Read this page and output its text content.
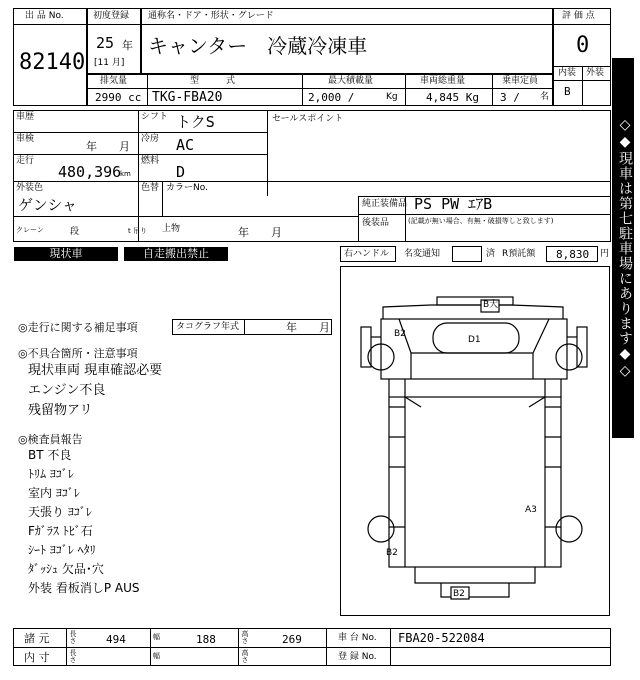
出 品 No.
82140
初度登録
25 年
[11 月]
通称名・ドア・形状・グレード
キャンター　冷蔵冷凍車
評 価 点
0
内装 外装
B
排気量
2990 cc
型　　　式
TKG-FBA20
最大積載量
2,000 /	Kg
車両総重量
4,845 Kg
乗車定員
3 / 名
車歴	シフト トクS	セールスポイント
車検
年　　月
冷房 AC
走行
480,396
km
燃料
D
外装色
ゲンシャ
色替 カラーNo.
純正装備品 PS PW ｴｱB
後装品	(記載が無い場合、有無・破損等しと致します)
クレーン	段	t 吊り 上物	年　　月
現状車	自走搬出禁止	右ハンドル 名変通知	済 R預託額 8,830 円
◎走行に関する補足事項	タコグラフ年式	年　　月
◎不具合箇所・注意事項
現状車両 現車確認必要
エンジン不良
残留物アリ
◎検査員報告
BT 不良
ﾄﾘﾑ ﾖｺﾞﾚ
室内 ﾖｺﾞﾚ
天張り ﾖｺﾞﾚ
Fｶﾞﾗｽ ﾄﾋﾞ石
ｼｰﾄ ﾖｺﾞﾚ ﾍﾀﾘ
ﾀﾞｯｼｭ 欠品･穴
外装 看板消しP AUS
B大
D1
B2
A3
B2
B2
◇◆現車は第七駐車場にあります◆◇
諸 元	長さ	494	幅	188	高さ	269	車 台 No. FBA20-522084
内 寸	長さ	幅	高さ	登 録 No.
